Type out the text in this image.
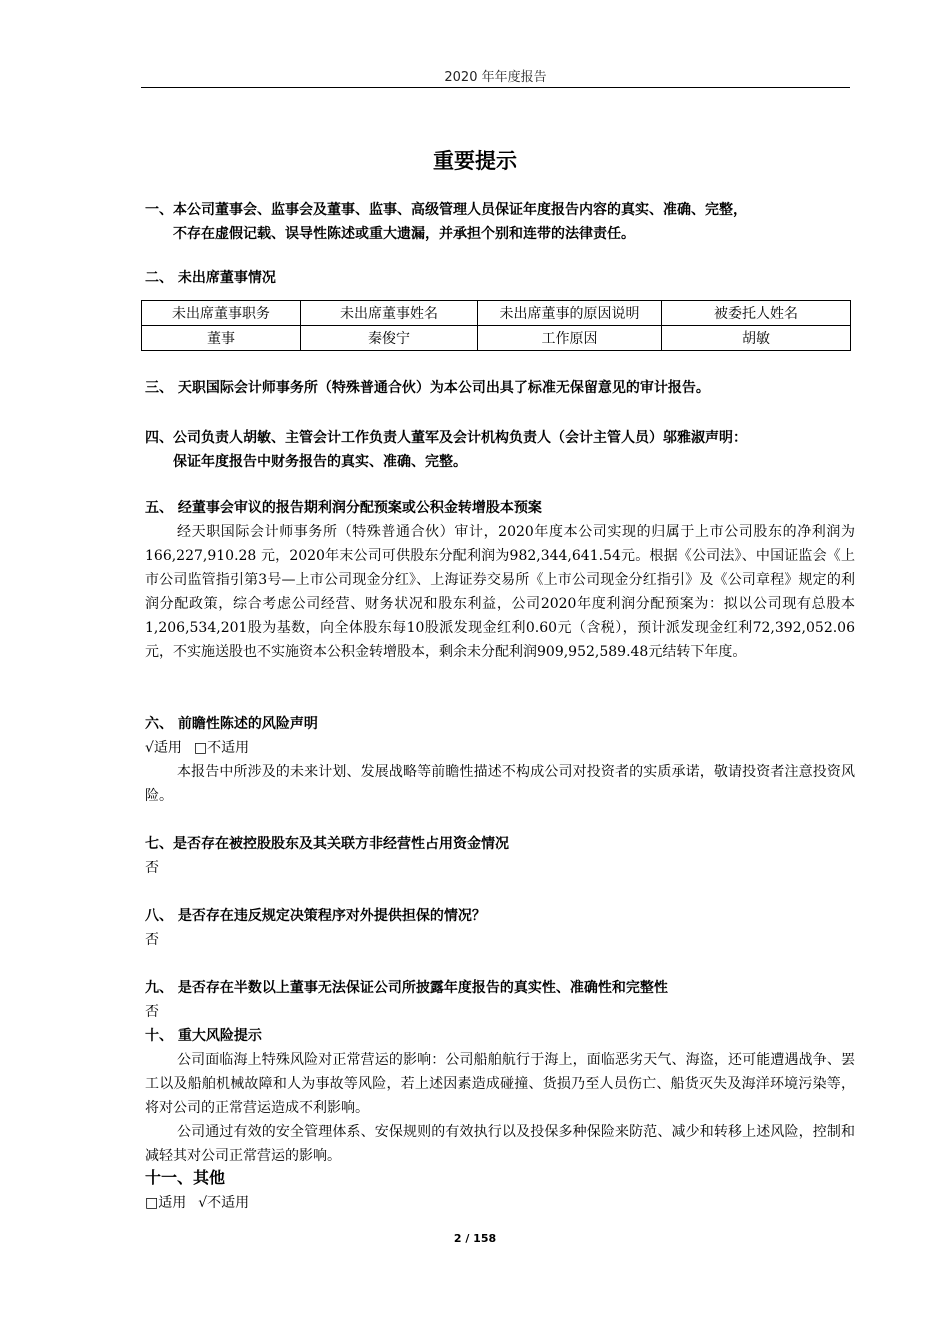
2020 年年度报告
重要提示
一、本公司董事会、监事会及董事、监事、高级管理人员保证年度报告内容的真实、准确、完整，
不存在虚假记载、误导性陈述或重大遗漏，并承担个别和连带的法律责任。
二、 未出席董事情况
未出席董事职务	未出席董事姓名	未出席董事的原因说明	被委托人姓名
董事	秦俊宁	工作原因	胡敏
三、 天职国际会计师事务所（特殊普通合伙）为本公司出具了标准无保留意见的审计报告。
四、公司负责人胡敏、主管会计工作负责人董军及会计机构负责人（会计主管人员）邬雅淑声明：
保证年度报告中财务报告的真实、准确、完整。
五、 经董事会审议的报告期利润分配预案或公积金转增股本预案
经天职国际会计师事务所（特殊普通合伙）审计，2020年度本公司实现的归属于上市公司股东的净利润为166,227,910.28 元，2020年末公司可供股东分配利润为982,344,641.54元。根据《公司法》、中国证监会《上市公司监管指引第3号—上市公司现金分红》、上海证券交易所《上市公司现金分红指引》及《公司章程》规定的利润分配政策，综合考虑公司经营、财务状况和股东利益，公司2020年度利润分配预案为：拟以公司现有总股本1,206,534,201股为基数，向全体股东每10股派发现金红利0.60元（含税），预计派发现金红利72,392,052.06元，不实施送股也不实施资本公积金转增股本，剩余未分配利润909,952,589.48元结转下年度。
六、 前瞻性陈述的风险声明
√适用 □不适用
本报告中所涉及的未来计划、发展战略等前瞻性描述不构成公司对投资者的实质承诺，敬请投资者注意投资风险。
七、是否存在被控股股东及其关联方非经营性占用资金情况
否
八、 是否存在违反规定决策程序对外提供担保的情况？
否
九、 是否存在半数以上董事无法保证公司所披露年度报告的真实性、准确性和完整性
否
十、 重大风险提示
公司面临海上特殊风险对正常营运的影响：公司船舶航行于海上，面临恶劣天气、海盗，还可能遭遇战争、罢工以及船舶机械故障和人为事故等风险，若上述因素造成碰撞、货损乃至人员伤亡、船货灭失及海洋环境污染等，将对公司的正常营运造成不利影响。
公司通过有效的安全管理体系、安保规则的有效执行以及投保多种保险来防范、减少和转移上述风险，控制和减轻其对公司正常营运的影响。
十一、其他
□适用 √不适用
2 / 158
